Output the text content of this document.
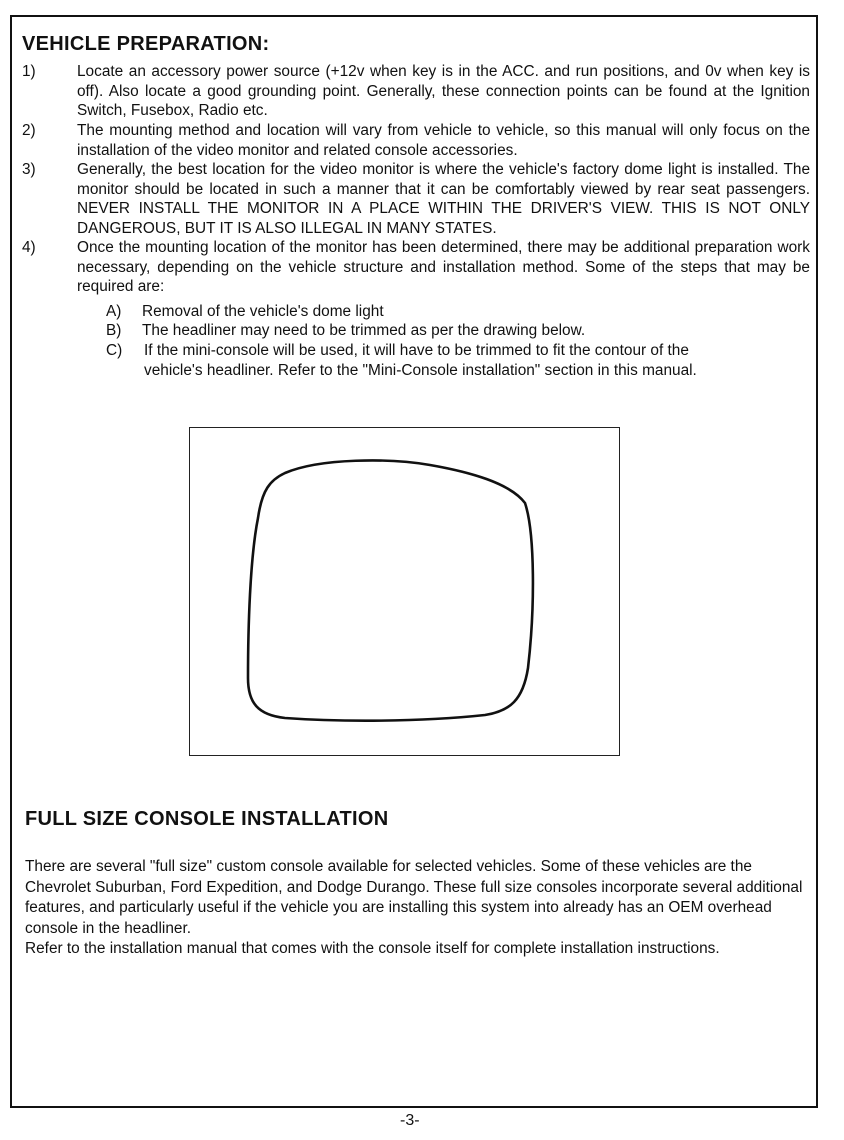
VEHICLE PREPARATION:
1)	Locate an accessory power source (+12v when key is in the ACC. and run positions, and 0v when key is off). Also locate a good grounding point. Generally, these connection points can be found at the Ignition Switch, Fusebox, Radio etc.
2)	The mounting method and location will vary from vehicle to vehicle, so this manual will only focus on the installation of the video monitor and related console accessories.
3)	Generally, the best location for the video monitor is where the vehicle's factory dome light is installed. The monitor should be located in such a manner that it can be comfortably viewed by rear seat passengers. NEVER INSTALL THE MONITOR IN A PLACE WITHIN THE DRIVER'S VIEW. THIS IS NOT ONLY DANGEROUS, BUT IT IS ALSO ILLEGAL IN MANY STATES.
4)	Once the mounting location of the monitor has been determined, there may be additional preparation work necessary, depending on the vehicle structure and installation method. Some of the steps that may be required are:
A) Removal of the vehicle's dome light
B) The headliner may need to be trimmed as per the drawing below.
C) If the mini-console will be used, it will have to be trimmed to fit the contour of the vehicle's headliner. Refer to the "Mini-Console installation" section in this manual.
FULL SIZE CONSOLE INSTALLATION

There are several "full size" custom console available for selected vehicles. Some of these vehicles are the Chevrolet Suburban, Ford Expedition, and Dodge Durango. These full size consoles incorporate several additional features, and particularly useful if the vehicle you are installing this system into already has an OEM overhead console in the headliner.

Refer to the installation manual that comes with the console itself for complete installation instructions.

-3-
